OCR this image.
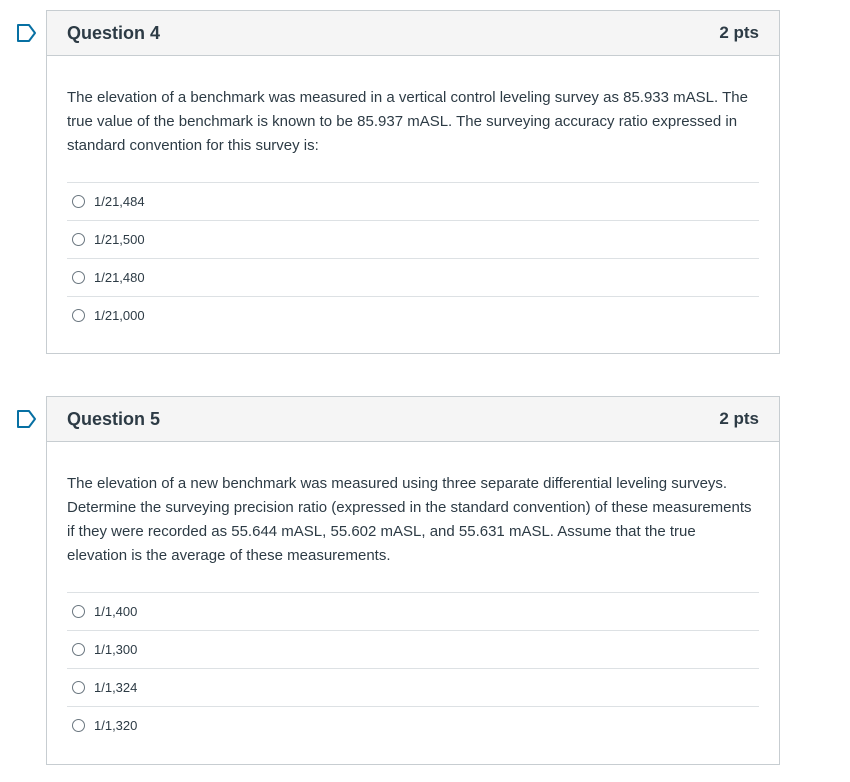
Question 4	2 pts

The elevation of a benchmark was measured in a vertical control leveling survey as 85.933 mASL. The true value of the benchmark is known to be 85.937 mASL. The surveying accuracy ratio expressed in standard convention for this survey is:

1/21,484
1/21,500
1/21,480
1/21,000
Question 5	2 pts

The elevation of a new benchmark was measured using three separate differential leveling surveys. Determine the surveying precision ratio (expressed in the standard convention) of these measurements if they were recorded as 55.644 mASL, 55.602 mASL, and 55.631 mASL. Assume that the true elevation is the average of these measurements.

1/1,400
1/1,300
1/1,324
1/1,320
